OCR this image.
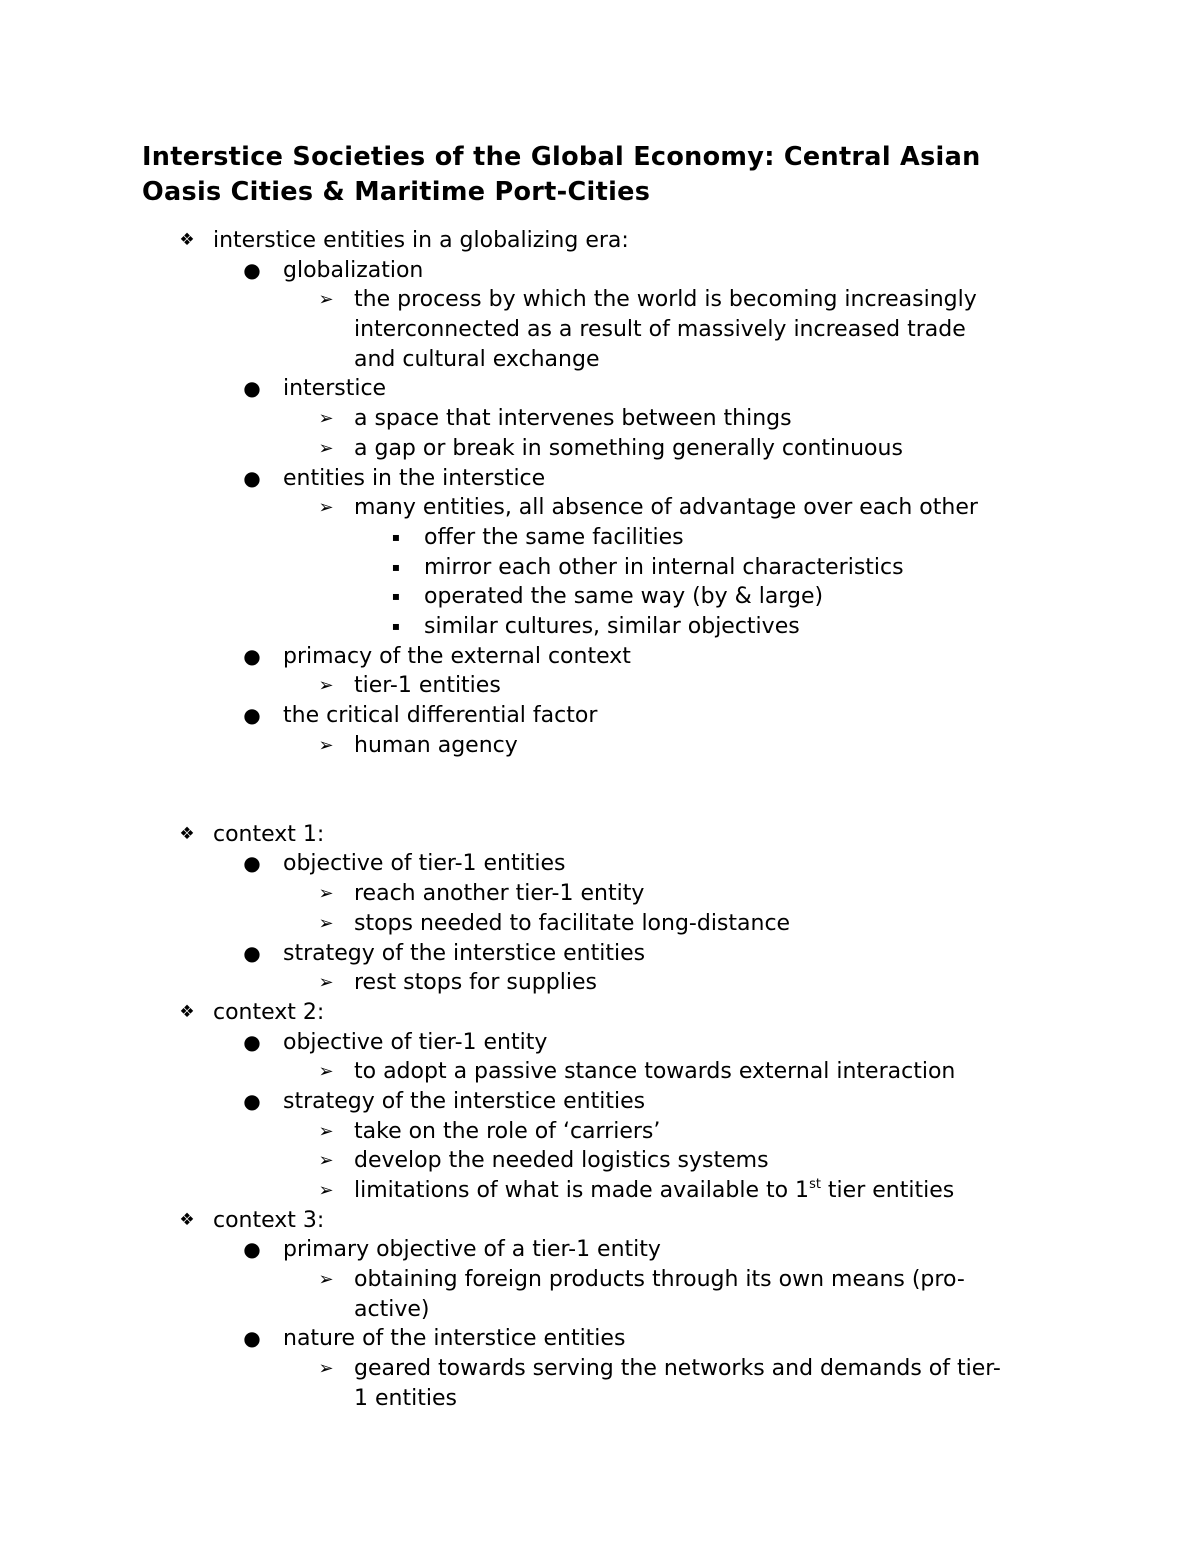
Interstice Societies of the Global Economy: Central Asian
Oasis Cities & Maritime Port-Cities
❖ interstice entities in a globalizing era:
● globalization
➢ the process by which the world is becoming increasingly
interconnected as a result of massively increased trade
and cultural exchange
● interstice
➢ a space that intervenes between things
➢ a gap or break in something generally continuous
● entities in the interstice
➢ many entities, all absence of advantage over each other
▪ offer the same facilities
▪ mirror each other in internal characteristics
▪ operated the same way (by & large)
▪ similar cultures, similar objectives
● primacy of the external context
➢ tier-1 entities
● the critical differential factor
➢ human agency
❖ context 1:
● objective of tier-1 entities
➢ reach another tier-1 entity
➢ stops needed to facilitate long-distance
● strategy of the interstice entities
➢ rest stops for supplies
❖ context 2:
● objective of tier-1 entity
➢ to adopt a passive stance towards external interaction
● strategy of the interstice entities
➢ take on the role of ‘carriers’
➢ develop the needed logistics systems
➢ limitations of what is made available to 1st tier entities
❖ context 3:
● primary objective of a tier-1 entity
➢ obtaining foreign products through its own means (pro-
active)
● nature of the interstice entities
➢ geared towards serving the networks and demands of tier-
1 entities
